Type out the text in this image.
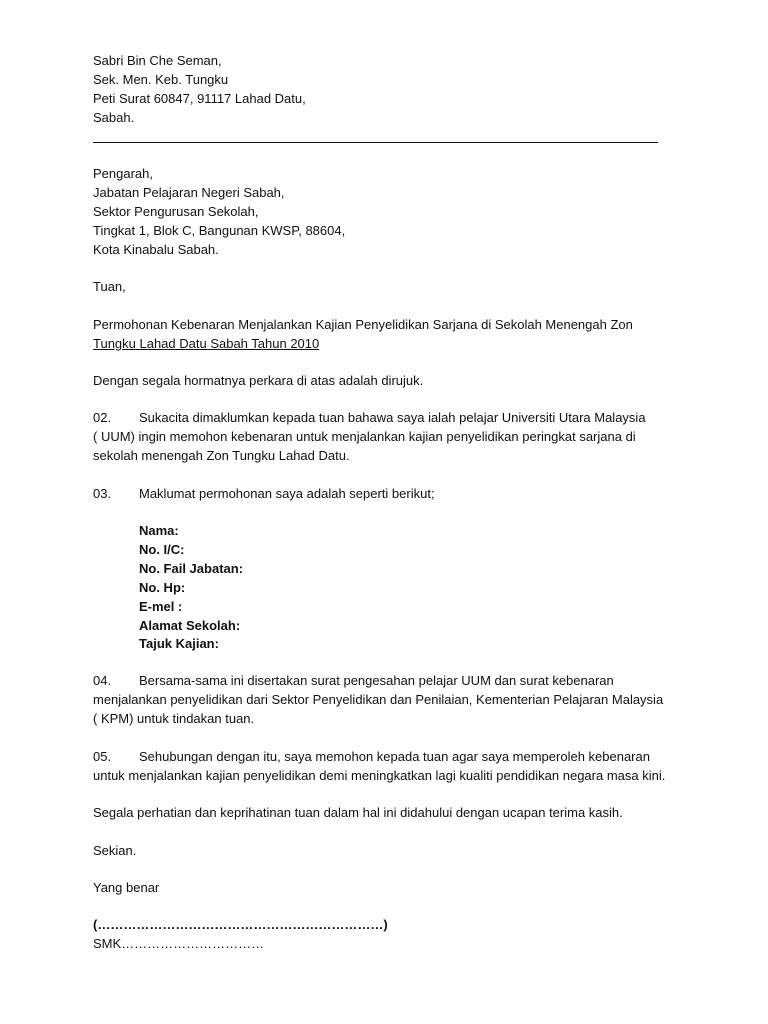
Sabri Bin Che Seman,
Sek. Men. Keb. Tungku
Peti Surat 60847, 91117 Lahad Datu,
Sabah.
Pengarah,
Jabatan Pelajaran Negeri Sabah,
Sektor Pengurusan Sekolah,
Tingkat 1, Blok C, Bangunan KWSP, 88604,
Kota Kinabalu Sabah.
Tuan,
Permohonan Kebenaran Menjalankan Kajian Penyelidikan Sarjana di Sekolah Menengah Zon
Tungku Lahad Datu Sabah Tahun 2010
Dengan segala hormatnya perkara di atas adalah dirujuk.
02. Sukacita dimaklumkan kepada tuan bahawa saya ialah pelajar Universiti Utara Malaysia
( UUM) ingin memohon kebenaran untuk menjalankan kajian penyelidikan peringkat sarjana di
sekolah menengah Zon Tungku Lahad Datu.
03. Maklumat permohonan saya adalah seperti berikut;
Nama:
No. I/C:
No. Fail Jabatan:
No. Hp:
E-mel :
Alamat Sekolah:
Tajuk Kajian:
04. Bersama-sama ini disertakan surat pengesahan pelajar UUM dan surat kebenaran
menjalankan penyelidikan dari Sektor Penyelidikan dan Penilaian, Kementerian Pelajaran Malaysia
( KPM) untuk tindakan tuan.
05. Sehubungan dengan itu, saya memohon kepada tuan agar saya memperoleh kebenaran
untuk menjalankan kajian penyelidikan demi meningkatkan lagi kualiti pendidikan negara masa kini.
Segala perhatian dan keprihatinan tuan dalam hal ini didahului dengan ucapan terima kasih.
Sekian.
Yang benar
(…………………………………………………………)
SMK……………………………
